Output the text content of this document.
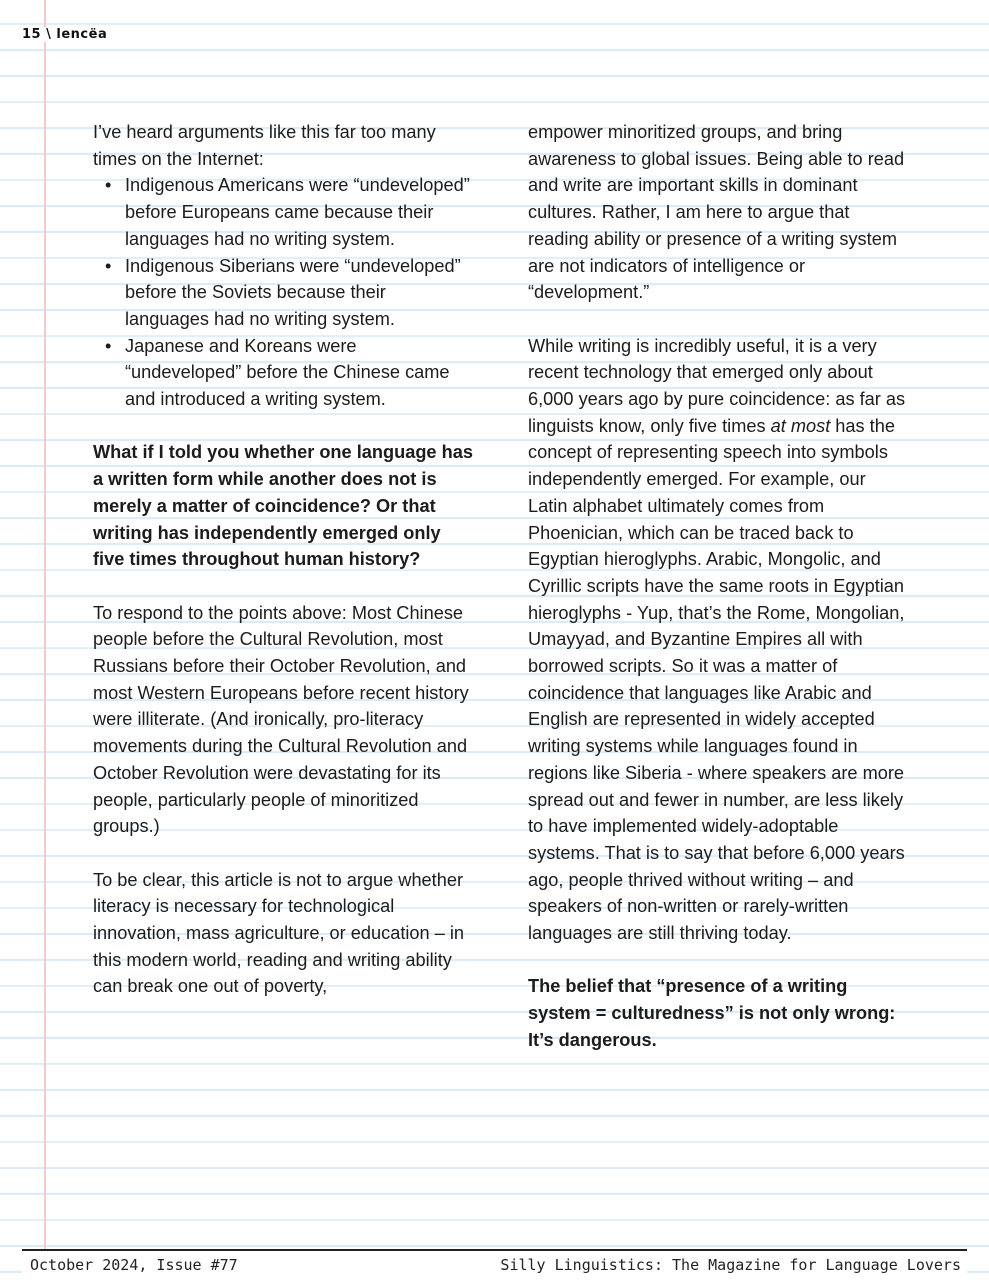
15 \ lencëa

I’ve heard arguments like this far too many times on the Internet:

• Indigenous Americans were “undeveloped” before Europeans came because their languages had no writing system.
• Indigenous Siberians were “undeveloped” before the Soviets because their languages had no writing system.
• Japanese and Koreans were “undeveloped” before the Chinese came and introduced a writing system.

What if I told you whether one language has a written form while another does not is merely a matter of coincidence? Or that writing has independently emerged only five times throughout human history?

To respond to the points above: Most Chinese people before the Cultural Revolution, most Russians before their October Revolution, and most Western Europeans before recent history were illiterate. (And ironically, pro-literacy movements during the Cultural Revolution and October Revolution were devastating for its people, particularly people of minoritized groups.)

To be clear, this article is not to argue whether literacy is necessary for technological innovation, mass agriculture, or education – in this modern world, reading and writing ability can break one out of poverty,

empower minoritized groups, and bring awareness to global issues. Being able to read and write are important skills in dominant cultures. Rather, I am here to argue that reading ability or presence of a writing system are not indicators of intelligence or “development.”

While writing is incredibly useful, it is a very recent technology that emerged only about 6,000 years ago by pure coincidence: as far as linguists know, only five times at most has the concept of representing speech into symbols independently emerged. For example, our Latin alphabet ultimately comes from Phoenician, which can be traced back to Egyptian hieroglyphs. Arabic, Mongolic, and Cyrillic scripts have the same roots in Egyptian hieroglyphs - Yup, that’s the Rome, Mongolian, Umayyad, and Byzantine Empires all with borrowed scripts. So it was a matter of coincidence that languages like Arabic and English are represented in widely accepted writing systems while languages found in regions like Siberia - where speakers are more spread out and fewer in number, are less likely to have implemented widely-adoptable systems. That is to say that before 6,000 years ago, people thrived without writing – and speakers of non-written or rarely-written languages are still thriving today.

The belief that “presence of a writing system = culturedness” is not only wrong: It’s dangerous.

October 2024, Issue #77	Silly Linguistics: The Magazine for Language Lovers
